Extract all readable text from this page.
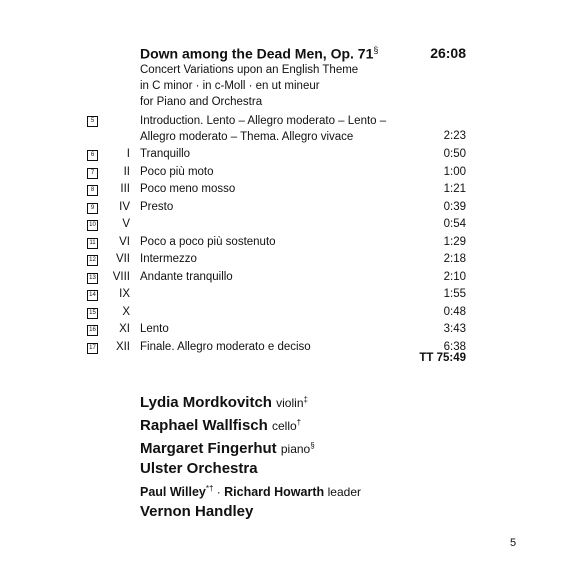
Down among the Dead Men, Op. 71§	26:08
Concert Variations upon an English Theme
in C minor · in c-Moll · en ut mineur
for Piano and Orchestra
5	Introduction. Lento – Allegro moderato – Lento –
Allegro moderato – Thema. Allegro vivace	2:23
6	I Tranquillo	0:50
7	II Poco più moto	1:00
8	III Poco meno mosso	1:21
9	IV Presto	0:39
10	V	0:54
11	VI Poco a poco più sostenuto	1:29
12	VII Intermezzo	2:18
13	VIII Andante tranquillo	2:10
14	IX	1:55
15	X	0:48
16	XI Lento	3:43
17	XII Finale. Allegro moderato e deciso	6:38
TT 75:49
Lydia Mordkovitch violin‡
Raphael Wallfisch cello†
Margaret Fingerhut piano§
Ulster Orchestra
Paul Willey*† · Richard Howarth leader
Vernon Handley
5
